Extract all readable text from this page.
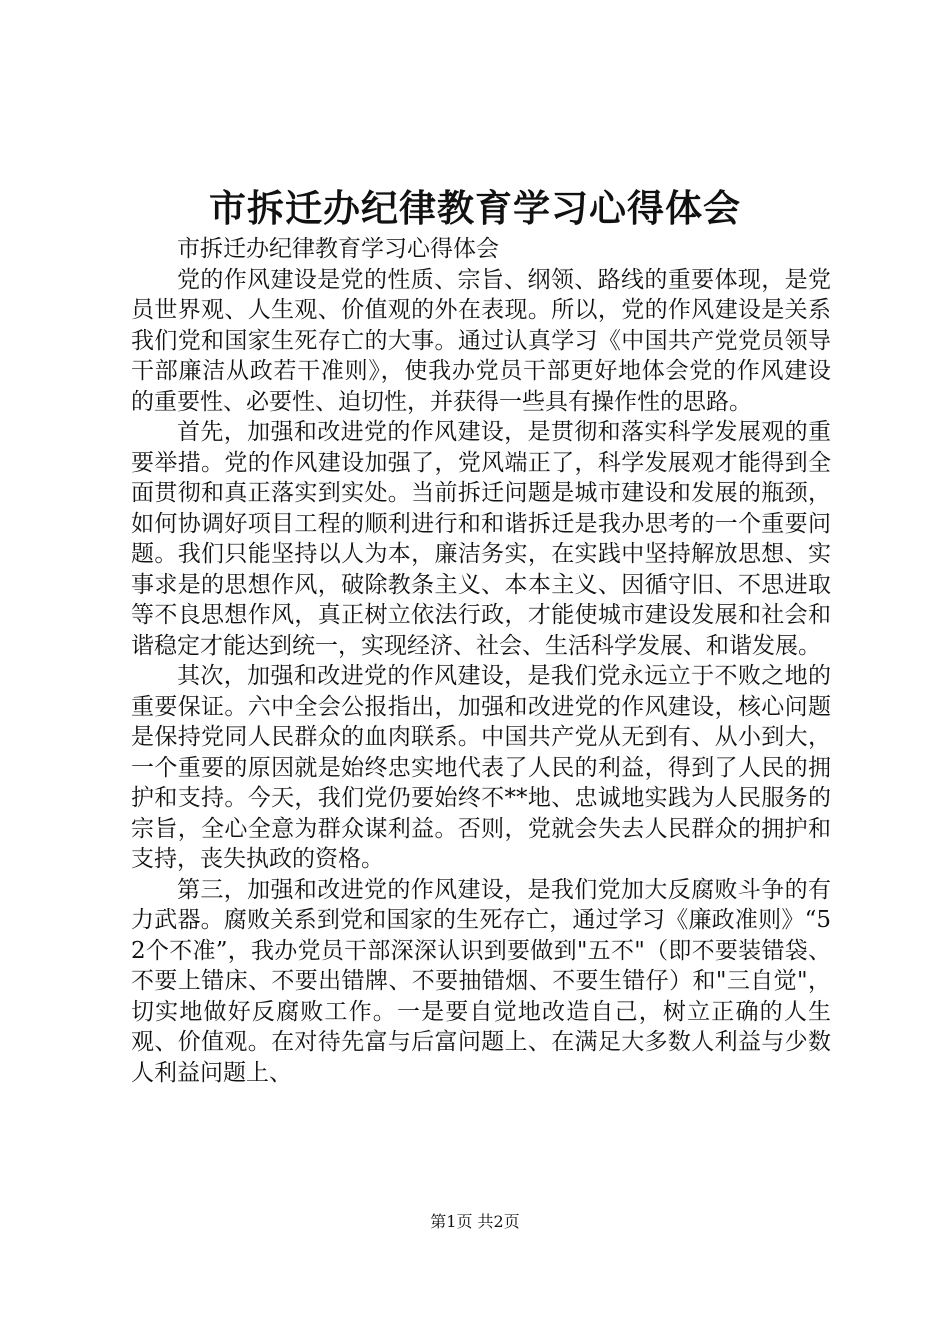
市拆迁办纪律教育学习心得体会

市拆迁办纪律教育学习心得体会

党的作风建设是党的性质、宗旨、纲领、路线的重要体现，是党员世界观、人生观、价值观的外在表现。所以，党的作风建设是关系我们党和国家生死存亡的大事。通过认真学习《中国共产党党员领导干部廉洁从政若干准则》，使我办党员干部更好地体会党的作风建设的重要性、必要性、迫切性，并获得一些具有操作性的思路。

首先，加强和改进党的作风建设，是贯彻和落实科学发展观的重要举措。党的作风建设加强了，党风端正了，科学发展观才能得到全面贯彻和真正落实到实处。当前拆迁问题是城市建设和发展的瓶颈，如何协调好项目工程的顺利进行和和谐拆迁是我办思考的一个重要问题。我们只能坚持以人为本，廉洁务实，在实践中坚持解放思想、实事求是的思想作风，破除教条主义、本本主义、因循守旧、不思进取等不良思想作风，真正树立依法行政，才能使城市建设发展和社会和谐稳定才能达到统一，实现经济、社会、生活科学发展、和谐发展。

其次，加强和改进党的作风建设，是我们党永远立于不败之地的重要保证。六中全会公报指出，加强和改进党的作风建设，核心问题是保持党同人民群众的血肉联系。中国共产党从无到有、从小到大，一个重要的原因就是始终忠实地代表了人民的利益，得到了人民的拥护和支持。今天，我们党仍要始终不**地、忠诚地实践为人民服务的宗旨，全心全意为群众谋利益。否则，党就会失去人民群众的拥护和支持，丧失执政的资格。

第三，加强和改进党的作风建设，是我们党加大反腐败斗争的有力武器。腐败关系到党和国家的生死存亡，通过学习《廉政准则》“52个不准”，我办党员干部深深认识到要做到"五不"（即不要装错袋、不要上错床、不要出错牌、不要抽错烟、不要生错仔）和"三自觉"，切实地做好反腐败工作。一是要自觉地改造自己，树立正确的人生观、价值观。在对待先富与后富问题上、在满足大多数人利益与少数人利益问题上、

第1页 共2页
